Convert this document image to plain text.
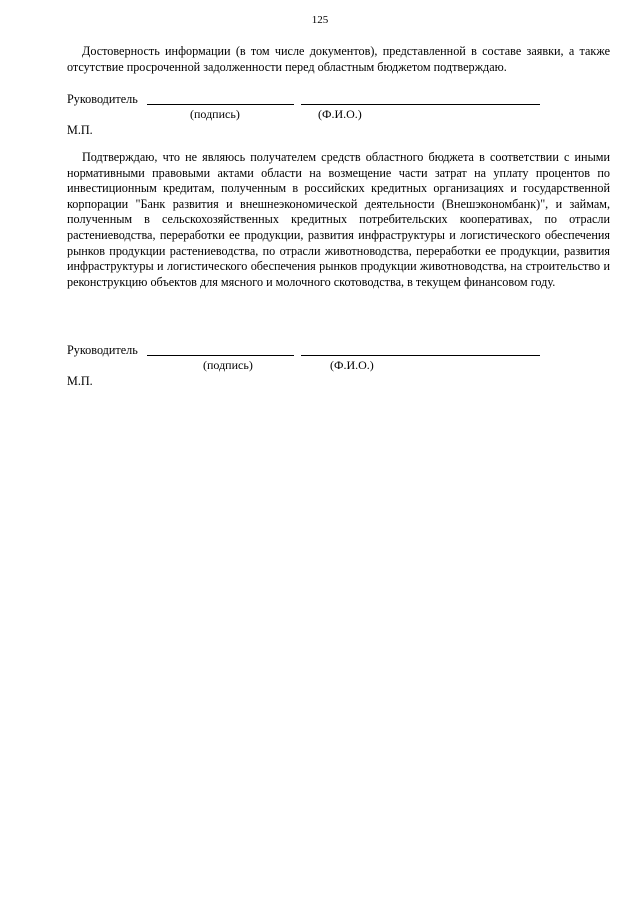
125

Достоверность информации (в том числе документов), представленной в составе заявки, а также отсутствие просроченной задолженности перед областным бюджетом подтверждаю.

Руководитель
(подпись)	(Ф.И.О.)
М.П.

Подтверждаю, что не являюсь получателем средств областного бюджета в соответствии с иными нормативными правовыми актами области на возмещение части затрат на уплату процентов по инвестиционным кредитам, полученным в российских кредитных организациях и государственной корпорации "Банк развития и внешнеэкономической деятельности (Внешэкономбанк)", и займам, полученным в сельскохозяйственных кредитных потребительских кооперативах, по отрасли растениеводства, переработки ее продукции, развития инфраструктуры и логистического обеспечения рынков продукции растениеводства, по отрасли животноводства, переработки ее продукции, развития инфраструктуры и логистического обеспечения рынков продукции животноводства, на строительство и реконструкцию объектов для мясного и молочного скотоводства, в текущем финансовом году.

Руководитель
(подпись)	(Ф.И.О.)
М.П.
